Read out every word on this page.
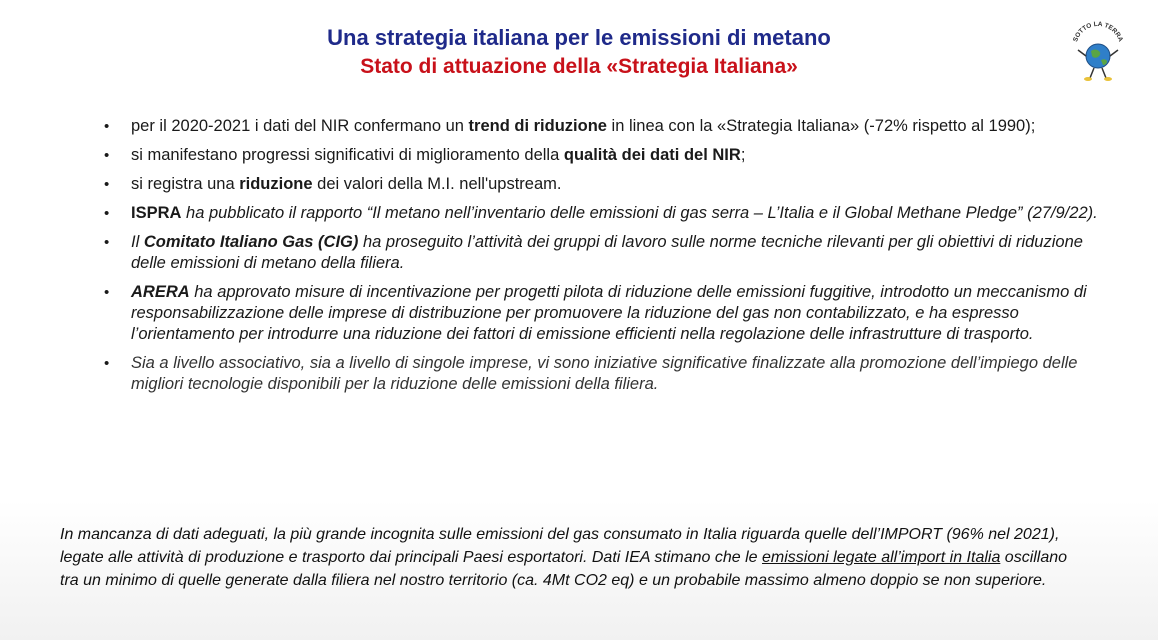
Una strategia italiana per le emissioni di metano
Stato di attuazione della «Strategia Italiana»
SOTTO LA TERRA
• per il 2020-2021 i dati del NIR confermano un trend di riduzione in linea con la «Strategia Italiana» (-72% rispetto al 1990);
• si manifestano progressi significativi di miglioramento della qualità dei dati del NIR;
• si registra una riduzione dei valori della M.I. nell'upstream.
• ISPRA ha pubblicato il rapporto “Il metano nell’inventario delle emissioni di gas serra – L’Italia e il Global Methane Pledge” (27/9/22).
• Il Comitato Italiano Gas (CIG) ha proseguito l’attività dei gruppi di lavoro sulle norme tecniche rilevanti per gli obiettivi di riduzione delle emissioni di metano della filiera.
• ARERA ha approvato misure di incentivazione per progetti pilota di riduzione delle emissioni fuggitive, introdotto un meccanismo di responsabilizzazione delle imprese di distribuzione per promuovere la riduzione del gas non contabilizzato, e ha espresso l’orientamento per introdurre una riduzione dei fattori di emissione efficienti nella regolazione delle infrastrutture di trasporto.
• Sia a livello associativo, sia a livello di singole imprese, vi sono iniziative significative finalizzate alla promozione dell’impiego delle migliori tecnologie disponibili per la riduzione delle emissioni della filiera.
In mancanza di dati adeguati, la più grande incognita sulle emissioni del gas consumato in Italia riguarda quelle dell’IMPORT (96% nel 2021), legate alle attività di produzione e trasporto dai principali Paesi esportatori. Dati IEA stimano che le emissioni legate all’import in Italia oscillano tra un minimo di quelle generate dalla filiera nel nostro territorio (ca. 4Mt CO2 eq) e un probabile massimo almeno doppio se non superiore.
